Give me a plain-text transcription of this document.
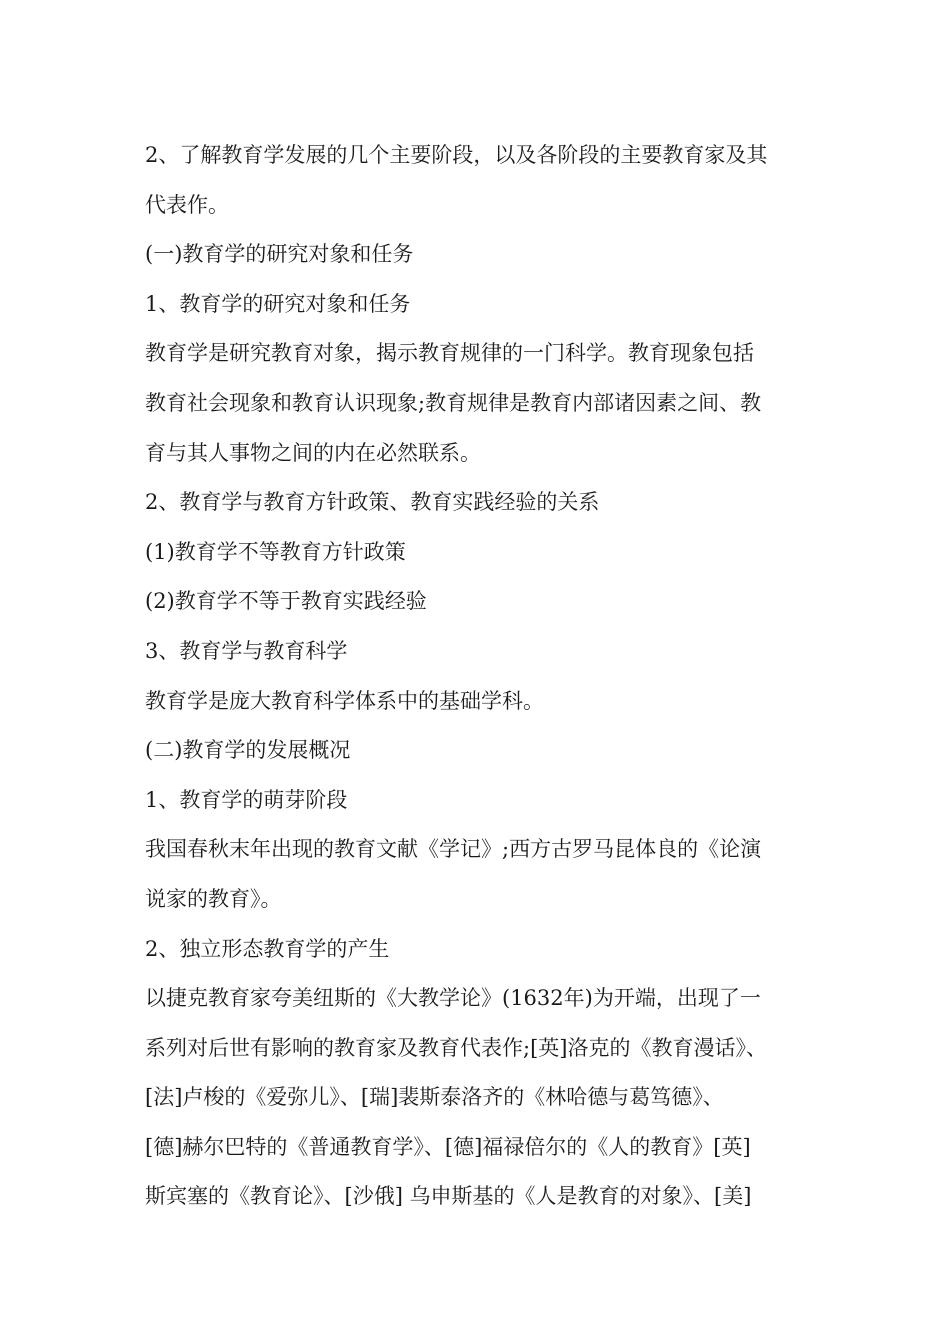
2、了解教育学发展的几个主要阶段，以及各阶段的主要教育家及其
代表作。
(一)教育学的研究对象和任务
1、教育学的研究对象和任务
教育学是研究教育对象，揭示教育规律的一门科学。教育现象包括
教育社会现象和教育认识现象;教育规律是教育内部诸因素之间、教
育与其人事物之间的内在必然联系。
2、教育学与教育方针政策、教育实践经验的关系
(1)教育学不等教育方针政策
(2)教育学不等于教育实践经验
3、教育学与教育科学
教育学是庞大教育科学体系中的基础学科。
(二)教育学的发展概况
1、教育学的萌芽阶段
我国春秋末年出现的教育文献《学记》;西方古罗马昆体良的《论演
说家的教育》。
2、独立形态教育学的产生
以捷克教育家夸美纽斯的《大教学论》(1632年)为开端，出现了一
系列对后世有影响的教育家及教育代表作;[英]洛克的《教育漫话》、
[法]卢梭的《爱弥儿》、[瑞]裴斯泰洛齐的《林哈德与葛笃德》、
[德]赫尔巴特的《普通教育学》、[德]福禄倍尔的《人的教育》[英]
斯宾塞的《教育论》、[沙俄] 乌申斯基的《人是教育的对象》、[美]
